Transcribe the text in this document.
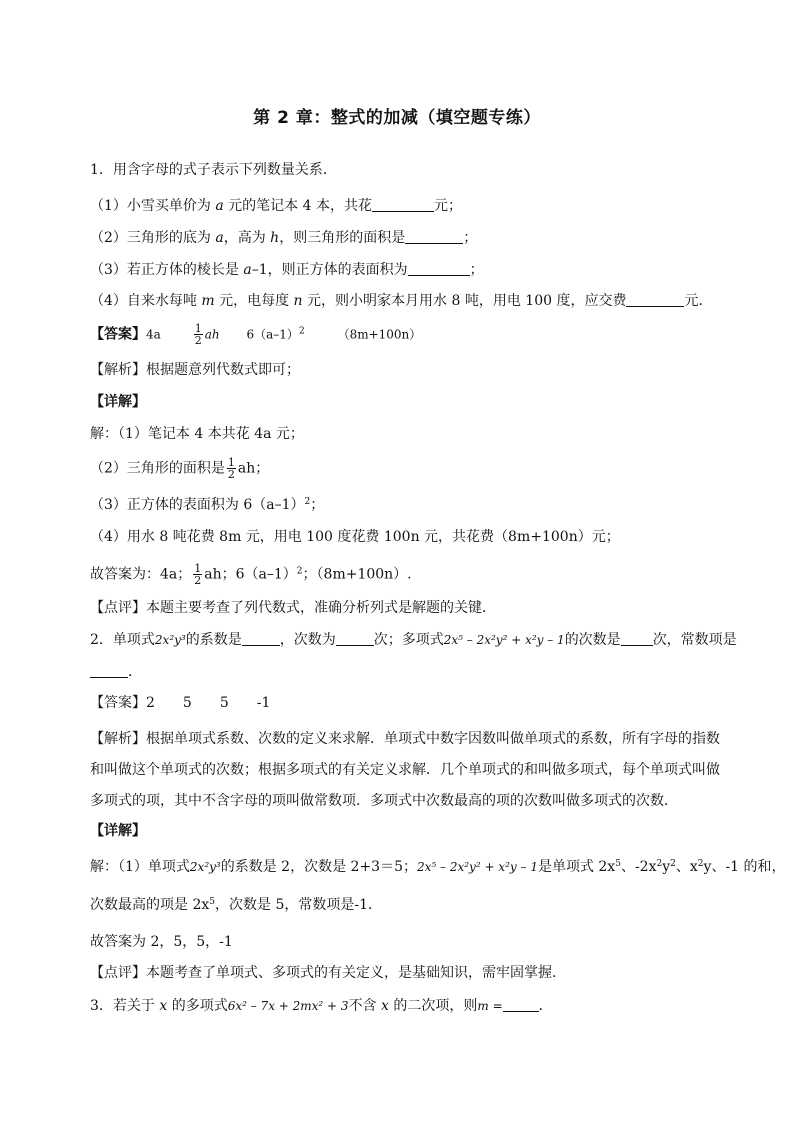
第 2 章：整式的加减（填空题专练）
1．用含字母的式子表示下列数量关系．
（1）小雪买单价为 a 元的笔记本 4 本，共花	元；
（2）三角形的底为 a，高为 h，则三角形的面积是	；
（3）若正方体的棱长是 a–1，则正方体的表面积为	；
（4）自来水每吨 m 元，电每度 n 元，则小明家本月用水 8 吨，用电 100 度，应交费	元．
【答案】4a	$\frac{1}{2}$ ah $6(a-1)^2$	（8m+100n）
【解析】根据题意列代数式即可；
【详解】
解：（1）笔记本 4 本共花 4a 元；
（2）三角形的面积是 $\frac{1}{2}$ ah；
（3）正方体的表面积为 $6(a-1)^2$；
（4）用水 8 吨花费 8m 元，用电 100 度花费 100n 元，共花费（8m+100n）元；
故答案为：4a； $\frac{1}{2}$ ah；$6(a-1)^2$；（8m+100n）.
【点评】本题主要考查了列代数式，准确分析列式是解题的关键．
2．单项式2x²y³的系数是	，次数为	次；多项式2x⁵ – 2x²y² + x²y – 1的次数是 次，常数项是
．
【答案】2　　5　　5　　-1
【解析】根据单项式系数、次数的定义来求解．单项式中数字因数叫做单项式的系数，所有字母的指数和叫做这个单项式的次数；根据多项式的有关定义求解．几个单项式的和叫做多项式，每个单项式叫做多项式的项，其中不含字母的项叫做常数项．多项式中次数最高的项的次数叫做多项式的次数．
【详解】
解：（1）单项式2x²y³的系数是 2，次数是 2+3＝5；2x⁵ – 2x²y² + x²y – 1是单项式 $2x^5$、$-2x^2y^2$、$x^2y$、-1 的和，
次数最高的项是 $2x^5$，次数是 5，常数项是-1．
故答案为 2，5，5，-1
【点评】本题考查了单项式、多项式的有关定义，是基础知识，需牢固掌握．
3．若关于 x 的多项式6x² – 7x + 2mx² + 3不含 x 的二次项，则m =	．
